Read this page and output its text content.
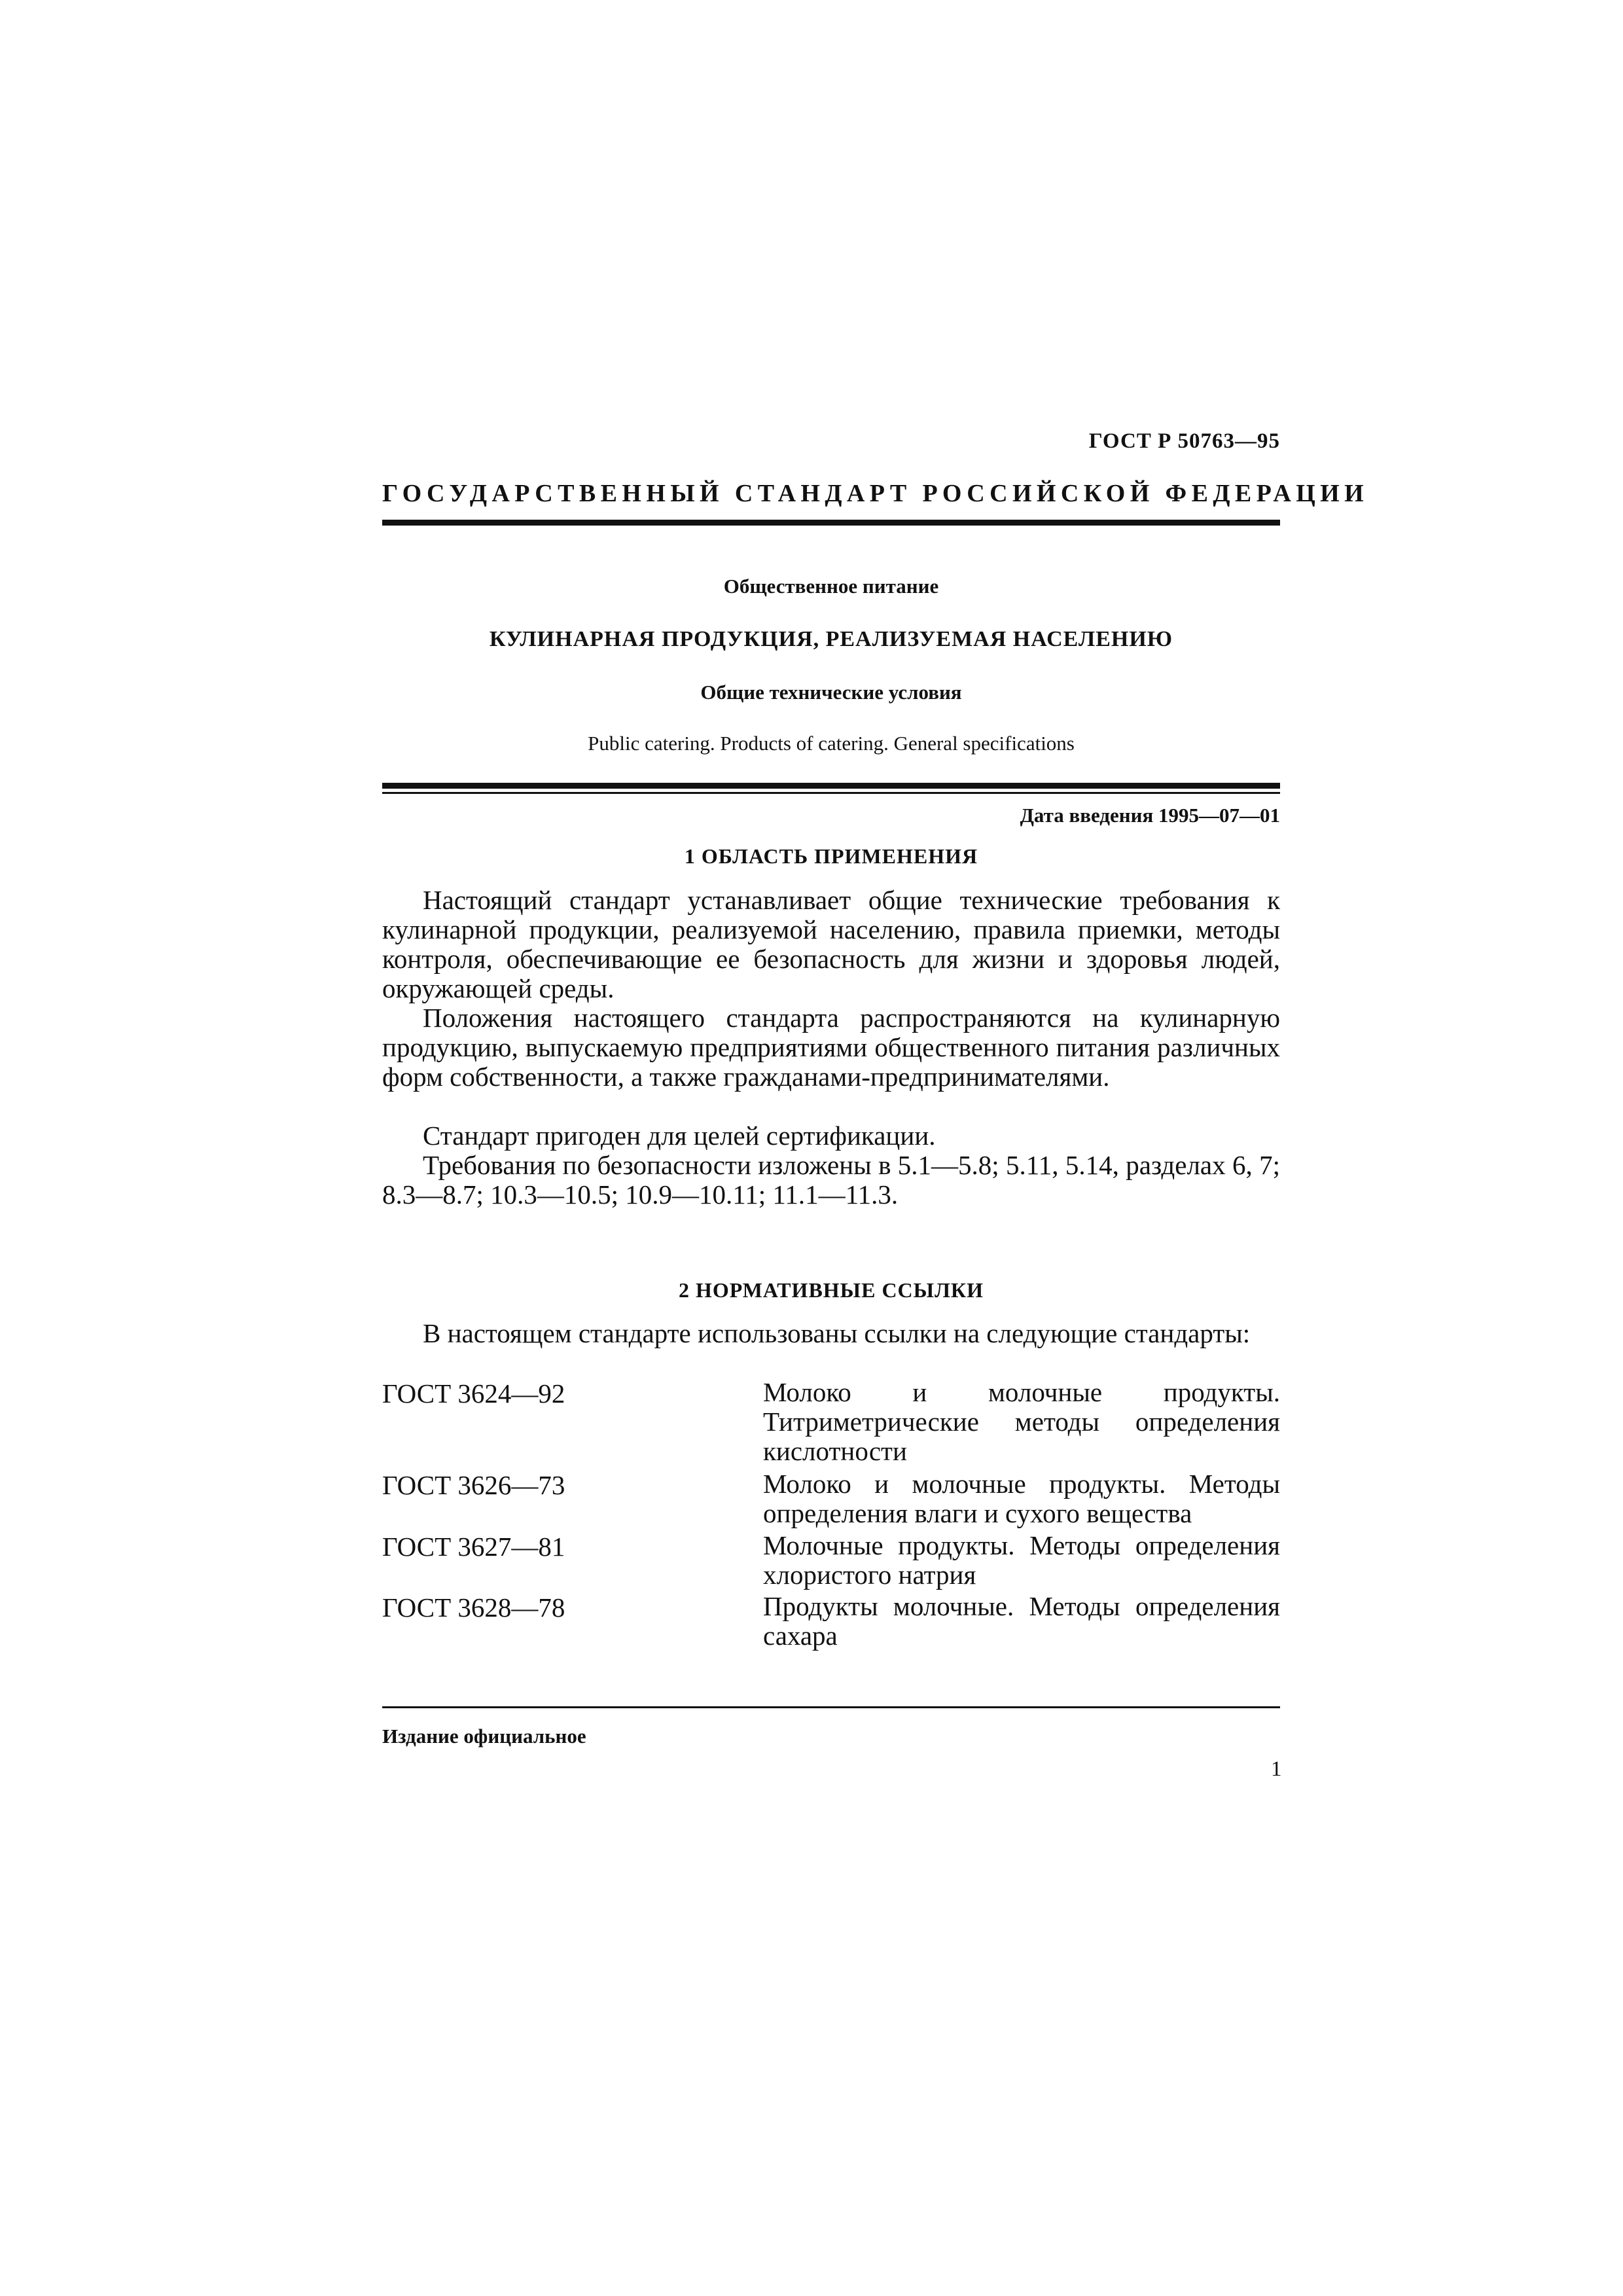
ГОСТ Р 50763—95
ГОСУДАРСТВЕННЫЙ СТАНДАРТ РОССИЙСКОЙ ФЕДЕРАЦИИ
Общественное питание
КУЛИНАРНАЯ ПРОДУКЦИЯ, РЕАЛИЗУЕМАЯ НАСЕЛЕНИЮ
Общие технические условия
Public catering. Products of catering. General specifications
Дата введения 1995—07—01
1 ОБЛАСТЬ ПРИМЕНЕНИЯ
Настоящий стандарт устанавливает общие технические требования к кулинарной продукции, реализуемой населению, правила приемки, методы контроля, обеспечивающие ее безопасность для жизни и здоровья людей, окружающей среды.
Положения настоящего стандарта распространяются на кулинарную продукцию, выпускаемую предприятиями общественного питания различных форм собственности, а также гражданами-предпринимателями.
Стандарт пригоден для целей сертификации.
Требования по безопасности изложены в 5.1—5.8; 5.11, 5.14, разделах 6, 7; 8.3—8.7; 10.3—10.5; 10.9—10.11; 11.1—11.3.
2 НОРМАТИВНЫЕ ССЫЛКИ
В настоящем стандарте использованы ссылки на следующие стандарты:
ГОСТ 3624—92	Молоко и молочные продукты. Титриметрические методы определения кислотности
ГОСТ 3626—73	Молоко и молочные продукты. Методы определения влаги и сухого вещества
ГОСТ 3627—81	Молочные продукты. Методы определения хлористого натрия
ГОСТ 3628—78	Продукты молочные. Методы определения сахара
Издание официальное
1
